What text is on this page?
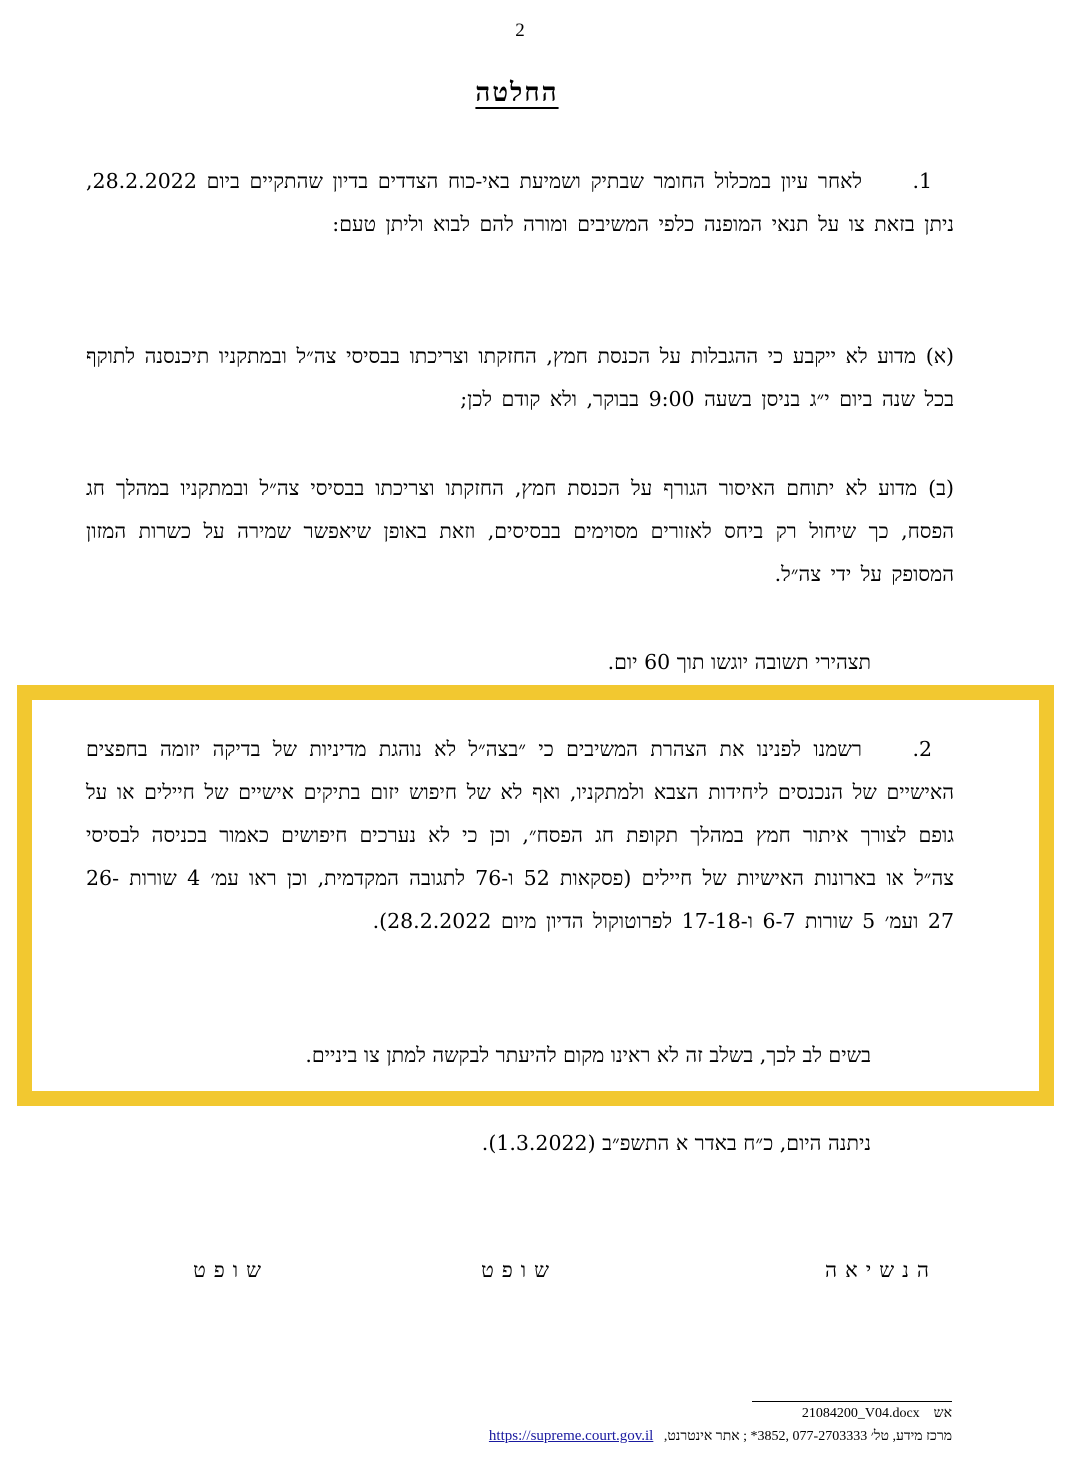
2
החלטה
.1
לאחר עיון במכלול החומר שבתיק ושמיעת באי-כוח הצדדים בדיון שהתקיים ביום 28.2.2022, ניתן בזאת צו על תנאי המופנה כלפי המשיבים ומורה להם לבוא וליתן טעם:
(א) מדוע לא ייקבע כי ההגבלות על הכנסת חמץ, החזקתו וצריכתו בבסיסי צה״ל ובמתקניו תיכנסנה לתוקף בכל שנה ביום י״ג בניסן בשעה 9:00 בבוקר, ולא קודם לכן;
(ב) מדוע לא יתוחם האיסור הגורף על הכנסת חמץ, החזקתו וצריכתו בבסיסי צה״ל ובמתקניו במהלך חג הפסח, כך שיחול רק ביחס לאזורים מסוימים בבסיסים, וזאת באופן שיאפשר שמירה על כשרות המזון המסופק על ידי צה״ל.
תצהירי תשובה יוגשו תוך 60 יום.
.2
רשמנו לפנינו את הצהרת המשיבים כי ״בצה״ל לא נוהגת מדיניות של בדיקה יזומה בחפצים האישיים של הנכנסים ליחידות הצבא ולמתקניו, ואף לא של חיפוש יזום בתיקים אישיים של חיילים או על גופם לצורך איתור חמץ במהלך תקופת חג הפסח״, וכן כי לא נערכים חיפושים כאמור בכניסה לבסיסי צה״ל או בארונות האישיות של חיילים (פסקאות 52 ו-76 לתגובה המקדמית, וכן ראו עמ׳ 4 שורות 26-27 ועמ׳ 5 שורות 6-7 ו-17-18 לפרוטוקול הדיון מיום 28.2.2022).
בשים לב לכך, בשלב זה לא ראינו מקום להיעתר לבקשה למתן צו ביניים.
ניתנה היום, כ״ח באדר א התשפ״ב (1.3.2022).
הנשיאה
שופט
שופט
אש    21084200_V04.docx
מרכז מידע, טל׳ 077-2703333 ,3852* ; אתר אינטרנט,   https://supreme.court.gov.il
